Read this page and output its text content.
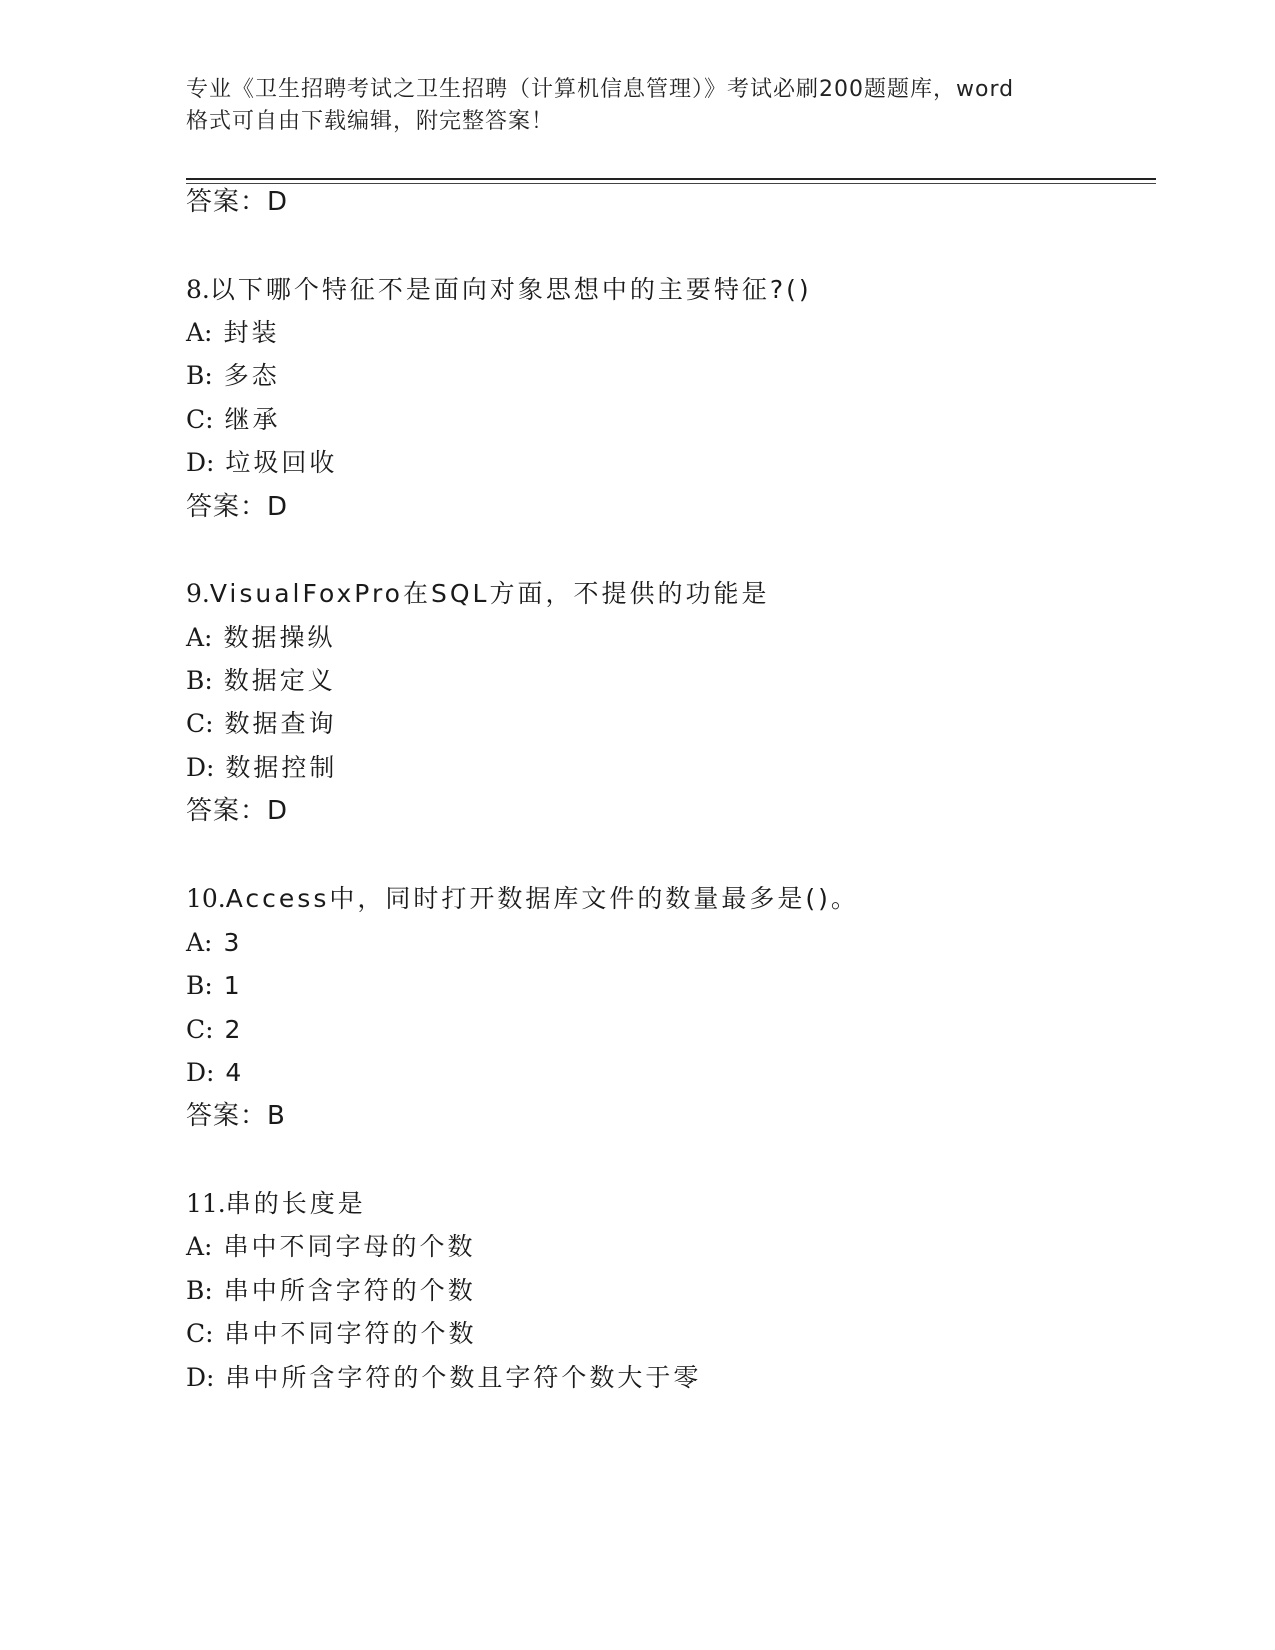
专业《卫生招聘考试之卫生招聘（计算机信息管理）》考试必刷200题题库，word
格式可自由下载编辑，附完整答案！
答案：D
8.以下哪个特征不是面向对象思想中的主要特征?()
A: 封装
B: 多态
C: 继承
D: 垃圾回收
答案：D
9.VisualFoxPro在SQL方面，不提供的功能是
A: 数据操纵
B: 数据定义
C: 数据查询
D: 数据控制
答案：D
10.Access中，同时打开数据库文件的数量最多是()。
A: 3
B: 1
C: 2
D: 4
答案：B
11.串的长度是
A: 串中不同字母的个数
B: 串中所含字符的个数
C: 串中不同字符的个数
D: 串中所含字符的个数且字符个数大于零
